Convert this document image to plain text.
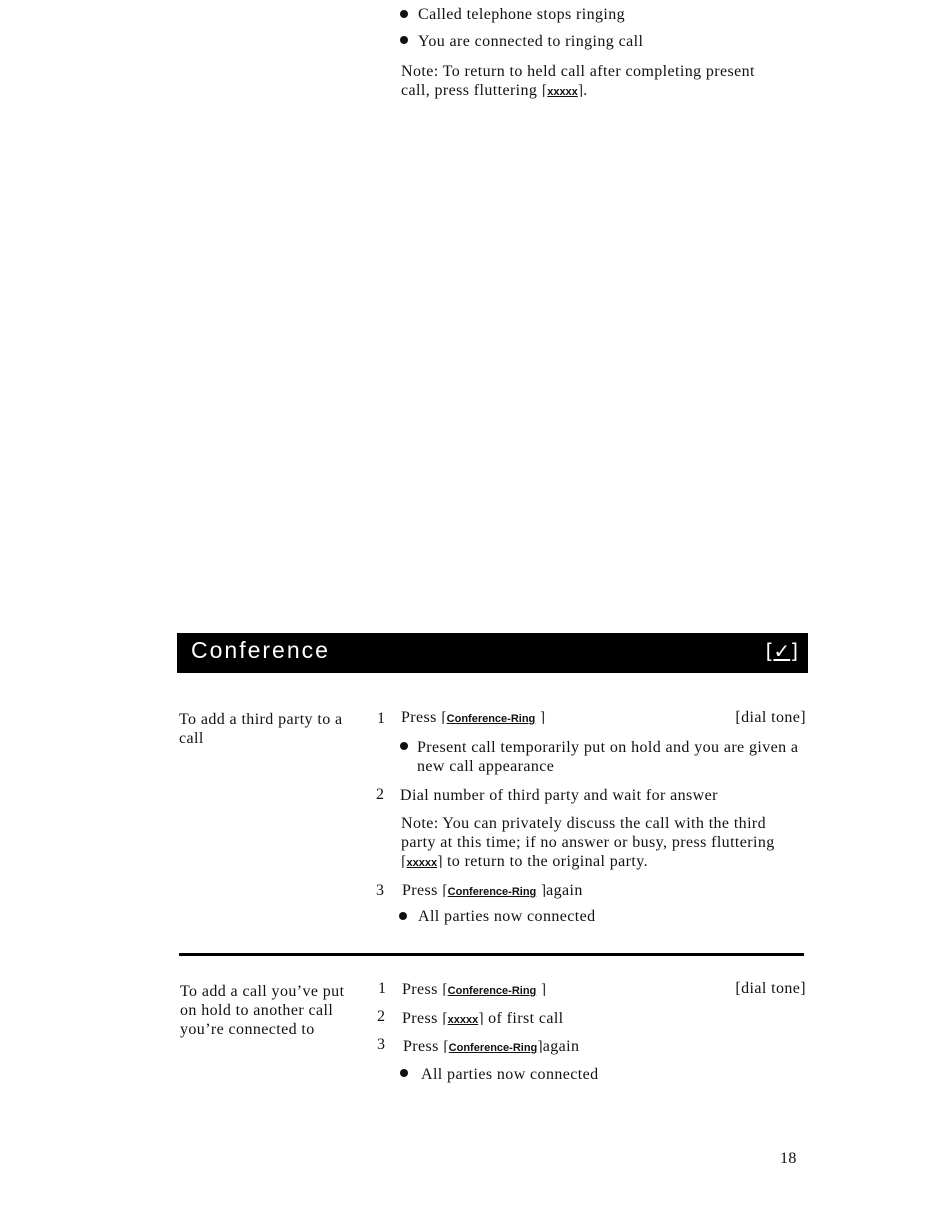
Called telephone stops ringing
You are connected to ringing call
Note: To return to held call after completing present
call, press fluttering ⌈xxxxx⌉.
Conference	[✓]
To add a third party to a call
1 Press ⌈Conference-Ring ⌉	[dial tone]
Present call temporarily put on hold and you are given a new call appearance
2 Dial number of third party and wait for answer
Note: You can privately discuss the call with the third party at this time; if no answer or busy, press fluttering ⌈xxxxx⌉ to return to the original party.
3 Press ⌈Conference-Ring ⌉again
All parties now connected
To add a call you’ve put on hold to another call you’re connected to
1 Press ⌈Conference-Ring ⌉	[dial tone]
2 Press ⌈xxxxx⌉ of first call
3 Press ⌈Conference-Ring⌉again
All parties now connected
18
